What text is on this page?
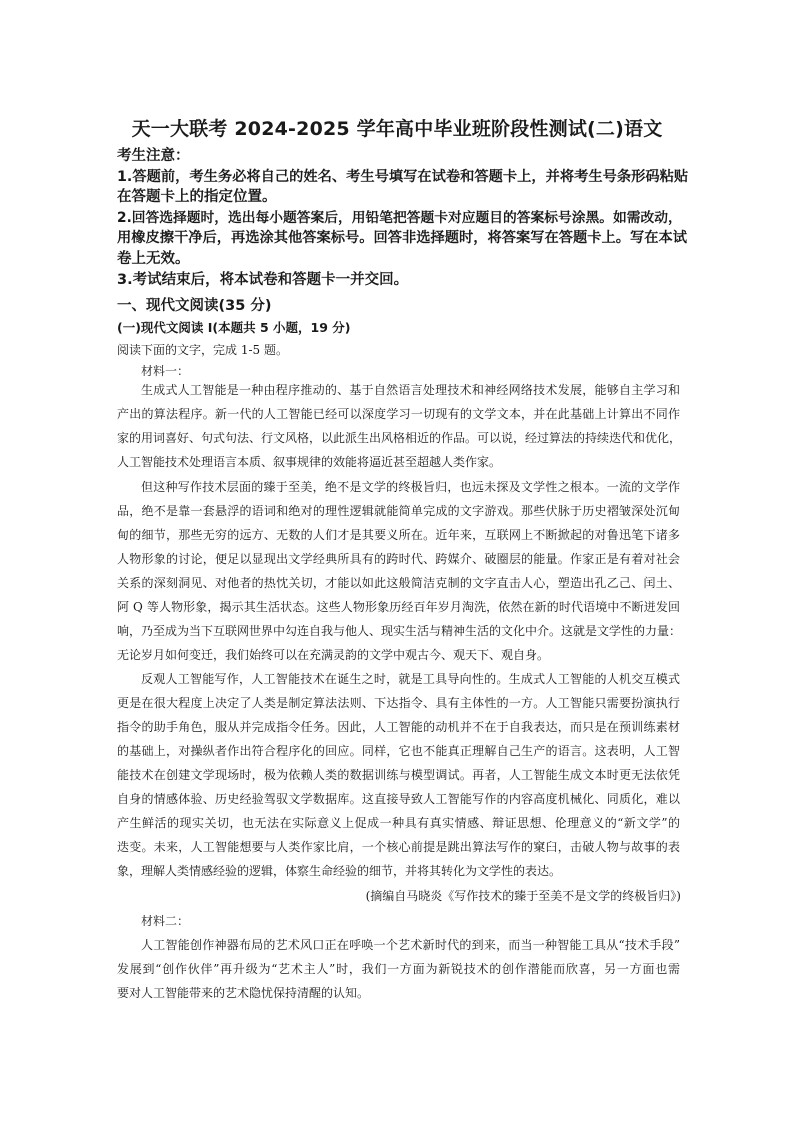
天一大联考 2024-2025 学年高中毕业班阶段性测试(二)语文
考生注意：
1.答题前，考生务必将自己的姓名、考生号填写在试卷和答题卡上，并将考生号条形码粘贴
在答题卡上的指定位置。
2.回答选择题时，选出每小题答案后，用铅笔把答题卡对应题目的答案标号涂黑。如需改动，
用橡皮擦干净后，再选涂其他答案标号。回答非选择题时，将答案写在答题卡上。写在本试
卷上无效。
3.考试结束后，将本试卷和答题卡一并交回。
一、现代文阅读(35 分)
(一)现代文阅读 I(本题共 5 小题，19 分)
阅读下面的文字，完成 1-5 题。
材料一：
生成式人工智能是一种由程序推动的、基于自然语言处理技术和神经网络技术发展，能够自主学习和
产出的算法程序。新一代的人工智能已经可以深度学习一切现有的文学文本，并在此基础上计算出不同作
家的用词喜好、句式句法、行文风格，以此派生出风格相近的作品。可以说，经过算法的持续迭代和优化，
人工智能技术处理语言本质、叙事规律的效能将逼近甚至超越人类作家。
但这种写作技术层面的臻于至美，绝不是文学的终极旨归，也远未探及文学性之根本。一流的文学作
品，绝不是靠一套悬浮的语词和绝对的理性逻辑就能简单完成的文字游戏。那些伏脉于历史褶皱深处沉甸
甸的细节，那些无穷的远方、无数的人们才是其要义所在。近年来，互联网上不断掀起的对鲁迅笔下诸多
人物形象的讨论，便足以显现出文学经典所具有的跨时代、跨媒介、破圈层的能量。作家正是有着对社会
关系的深刻洞见、对他者的热忱关切，才能以如此这般简洁克制的文字直击人心，塑造出孔乙己、闰土、
阿 Q 等人物形象，揭示其生活状态。这些人物形象历经百年岁月淘洗，依然在新的时代语境中不断迸发回
响，乃至成为当下互联网世界中勾连自我与他人、现实生活与精神生活的文化中介。这就是文学性的力量：
无论岁月如何变迁，我们始终可以在充满灵韵的文学中观古今、观天下、观自身。
反观人工智能写作，人工智能技术在诞生之时，就是工具导向性的。生成式人工智能的人机交互模式
更是在很大程度上决定了人类是制定算法法则、下达指令、具有主体性的一方。人工智能只需要扮演执行
指令的助手角色，服从并完成指令任务。因此，人工智能的动机并不在于自我表达，而只是在预训练素材
的基础上，对操纵者作出符合程序化的回应。同样，它也不能真正理解自己生产的语言。这表明，人工智
能技术在创建文学现场时，极为依赖人类的数据训练与模型调试。再者，人工智能生成文本时更无法依凭
自身的情感体验、历史经验驾驭文学数据库。这直接导致人工智能写作的内容高度机械化、同质化，难以
产生鲜活的现实关切，也无法在实际意义上促成一种具有真实情感、辩证思想、伦理意义的“新文学”的
迭变。未来，人工智能想要与人类作家比肩，一个核心前提是跳出算法写作的窠臼，击破人物与故事的表
象，理解人类情感经验的逻辑，体察生命经验的细节，并将其转化为文学性的表达。
(摘编自马晓炎《写作技术的臻于至美不是文学的终极旨归》)
材料二：
人工智能创作神器布局的艺术风口正在呼唤一个艺术新时代的到来，而当一种智能工具从“技术手段”
发展到“创作伙伴”再升级为“艺术主人”时，我们一方面为新锐技术的创作潜能而欣喜，另一方面也需
要对人工智能带来的艺术隐忧保持清醒的认知。
